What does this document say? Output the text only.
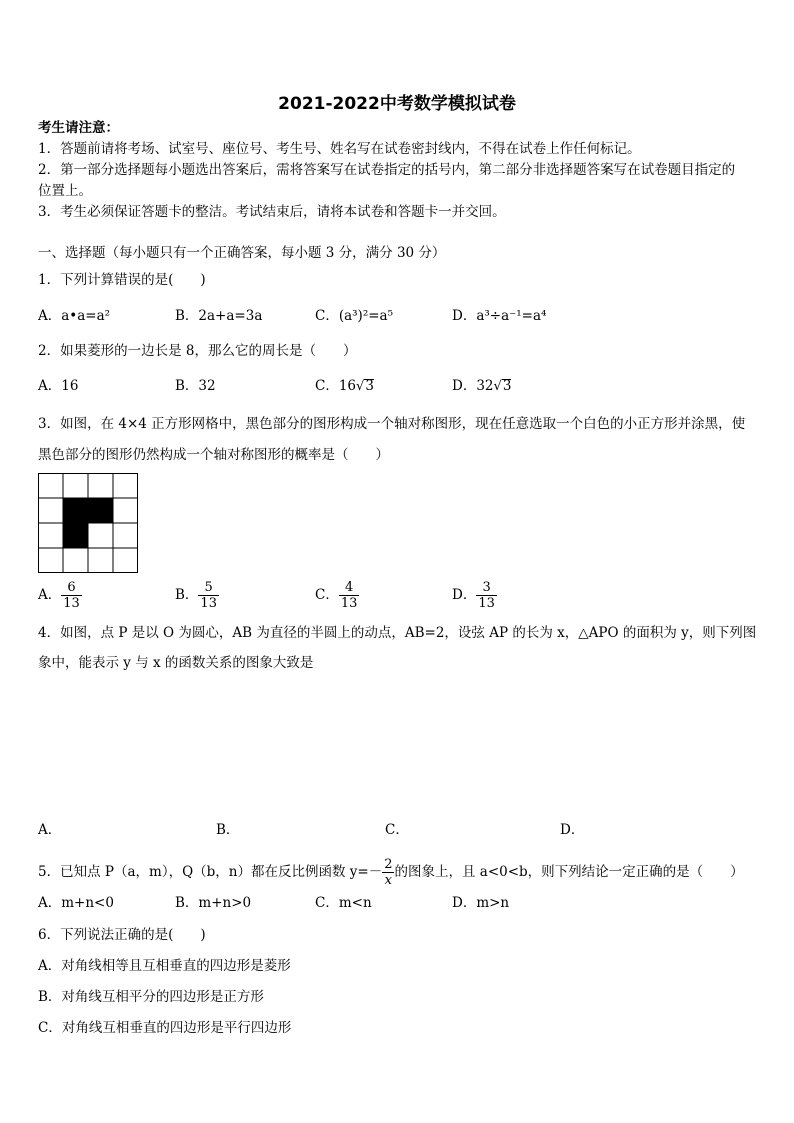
2021-2022中考数学模拟试卷
考生请注意：
1．答题前请将考场、试室号、座位号、考生号、姓名写在试卷密封线内，不得在试卷上作任何标记。
2．第一部分选择题每小题选出答案后，需将答案写在试卷指定的括号内，第二部分非选择题答案写在试卷题目指定的
位置上。
3．考生必须保证答题卡的整洁。考试结束后，请将本试卷和答题卡一并交回。
一、选择题（每小题只有一个正确答案，每小题 3 分，满分 30 分）
1．下列计算错误的是(　　)
A．a•a=a²	B．2a+a=3a	C．(a³)²=a⁵	D．a³÷a⁻¹=a⁴
2．如果菱形的一边长是 8，那么它的周长是（　　）
A．16	B．32	C．16√3	D．32√3
3．如图，在 4×4 正方形网格中，黑色部分的图形构成一个轴对称图形，现在任意选取一个白色的小正方形并涂黑，使
黑色部分的图形仍然构成一个轴对称图形的概率是（　　）
A． $\frac{6}{13}$	B． $\frac{5}{13}$	C． $\frac{4}{13}$	D． $\frac{3}{13}$
4．如图，点 P 是以 O 为圆心，AB 为直径的半圆上的动点，AB=2，设弦 AP 的长为 x，△APO 的面积为 y，则下列图
象中，能表示 y 与 x 的函数关系的图象大致是
A．	B．	C．	D．
5．已知点 P（a，m），Q（b，n）都在反比例函数 $y=- \frac{2}{x}$ 的图象上，且 a<0<b，则下列结论一定正确的是（　　）
A．m+n<0	B．m+n>0	C．m<n	D．m>n
6．下列说法正确的是(　　)
A．对角线相等且互相垂直的四边形是菱形
B．对角线互相平分的四边形是正方形
C．对角线互相垂直的四边形是平行四边形
